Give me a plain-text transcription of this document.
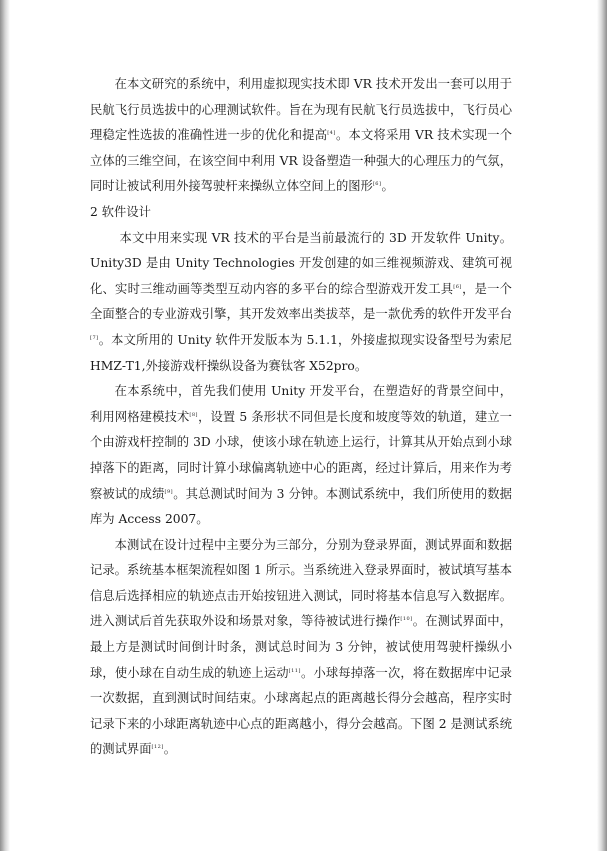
在本文研究的系统中，利用虚拟现实技术即 VR 技术开发出一套可以用于民航飞行员选拔中的心理测试软件。旨在为现有民航飞行员选拔中，飞行员心理稳定性选拔的准确性进一步的优化和提高[4]。本文将采用 VR 技术实现一个立体的三维空间，在该空间中利用 VR 设备塑造一种强大的心理压力的气氛，同时让被试利用外接驾驶杆来操纵立体空间上的图形[6]。

2 软件设计

本文中用来实现 VR 技术的平台是当前最流行的 3D 开发软件 Unity。Unity3D 是由 Unity Technologies 开发创建的如三维视频游戏、建筑可视化、实时三维动画等类型互动内容的多平台的综合型游戏开发工具[6]，是一个全面整合的专业游戏引擎，其开发效率出类拔萃，是一款优秀的软件开发平台[7]。本文所用的 Unity 软件开发版本为 5.1.1，外接虚拟现实设备型号为索尼 HMZ-T1,外接游戏杆操纵设备为赛钛客 X52pro。

在本系统中，首先我们使用 Unity 开发平台，在塑造好的背景空间中，利用网格建模技术[8]，设置 5 条形状不同但是长度和坡度等效的轨道，建立一个由游戏杆控制的 3D 小球，使该小球在轨迹上运行，计算其从开始点到小球掉落下的距离，同时计算小球偏离轨迹中心的距离，经过计算后，用来作为考察被试的成绩[9]。其总测试时间为 3 分钟。本测试系统中，我们所使用的数据库为 Access 2007。

本测试在设计过程中主要分为三部分，分别为登录界面，测试界面和数据记录。系统基本框架流程如图 1 所示。当系统进入登录界面时，被试填写基本信息后选择相应的轨迹点击开始按钮进入测试，同时将基本信息写入数据库。进入测试后首先获取外设和场景对象，等待被试进行操作[10]。在测试界面中，最上方是测试时间倒计时条，测试总时间为 3 分钟，被试使用驾驶杆操纵小球，使小球在自动生成的轨迹上运动[11]。小球每掉落一次，将在数据库中记录一次数据，直到测试时间结束。小球离起点的距离越长得分会越高，程序实时记录下来的小球距离轨迹中心点的距离越小，得分会越高。下图 2 是测试系统的测试界面[12]。
